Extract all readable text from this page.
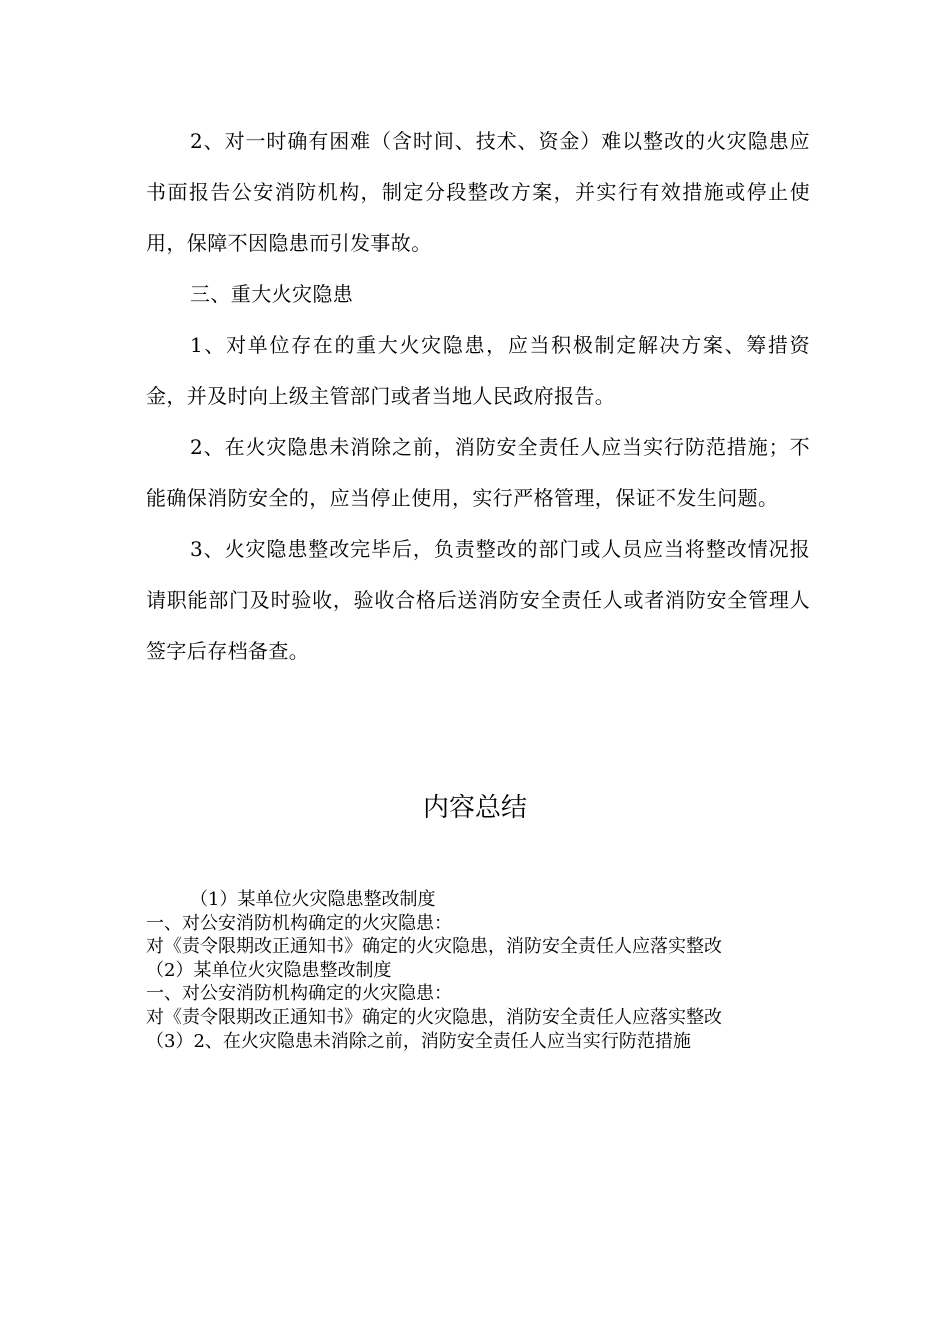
2、对一时确有困难（含时间、技术、资金）难以整改的火灾隐患应书面报告公安消防机构，制定分段整改方案，并实行有效措施或停止使用，保障不因隐患而引发事故。

三、重大火灾隐患

1、对单位存在的重大火灾隐患，应当积极制定解决方案、筹措资金，并及时向上级主管部门或者当地人民政府报告。

2、在火灾隐患未消除之前，消防安全责任人应当实行防范措施；不能确保消防安全的，应当停止使用，实行严格管理，保证不发生问题。

3、火灾隐患整改完毕后，负责整改的部门或人员应当将整改情况报请职能部门及时验收，验收合格后送消防安全责任人或者消防安全管理人签字后存档备查。

内容总结

（1）某单位火灾隐患整改制度

一、对公安消防机构确定的火灾隐患：

对《责令限期改正通知书》确定的火灾隐患，消防安全责任人应落实整改

（2）某单位火灾隐患整改制度

一、对公安消防机构确定的火灾隐患：

对《责令限期改正通知书》确定的火灾隐患，消防安全责任人应落实整改

（3）2、在火灾隐患未消除之前，消防安全责任人应当实行防范措施
